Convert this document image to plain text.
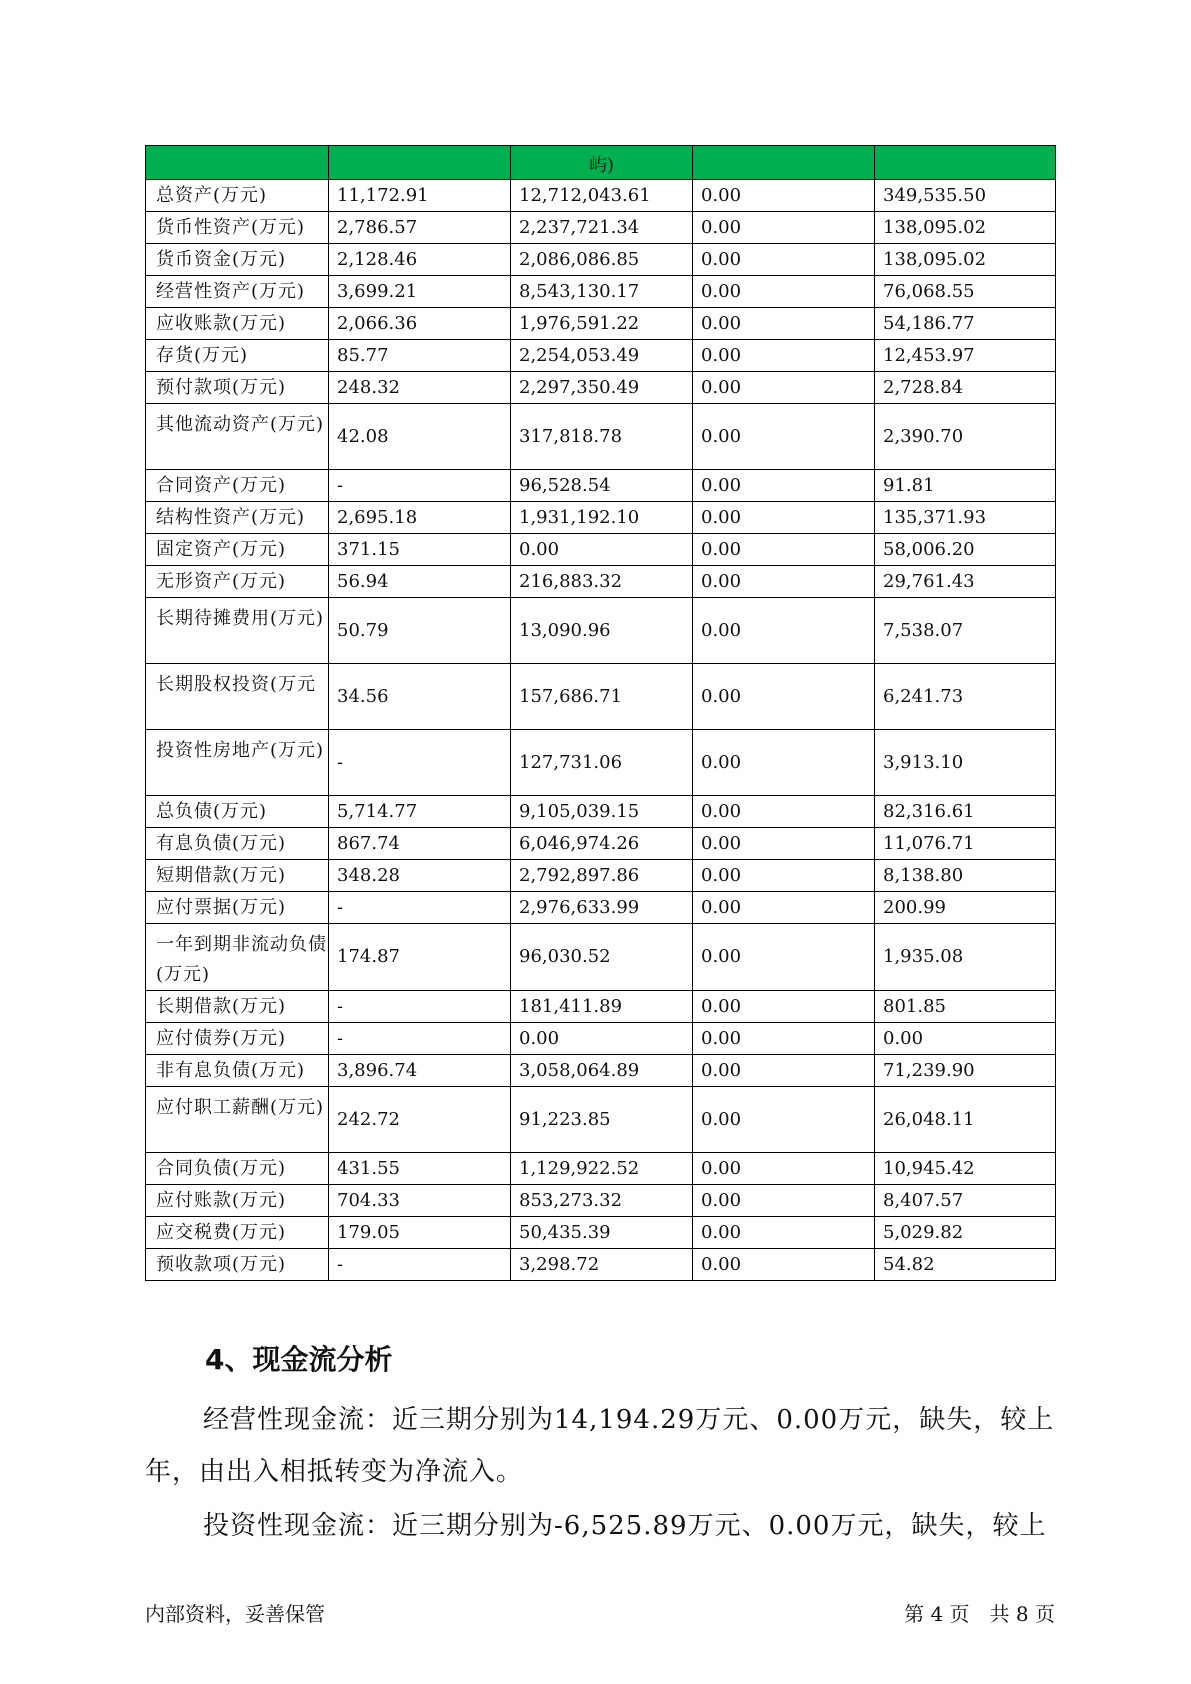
		屿)		
总资产(万元)	11,172.91	12,712,043.61	0.00	349,535.50
货币性资产(万元)	2,786.57	2,237,721.34	0.00	138,095.02
货币资金(万元)	2,128.46	2,086,086.85	0.00	138,095.02
经营性资产(万元)	3,699.21	8,543,130.17	0.00	76,068.55
应收账款(万元)	2,066.36	1,976,591.22	0.00	54,186.77
存货(万元)	85.77	2,254,053.49	0.00	12,453.97
预付款项(万元)	248.32	2,297,350.49	0.00	2,728.84
其他流动资产(万元)	42.08	317,818.78	0.00	2,390.70
合同资产(万元)	-	96,528.54	0.00	91.81
结构性资产(万元)	2,695.18	1,931,192.10	0.00	135,371.93
固定资产(万元)	371.15	0.00	0.00	58,006.20
无形资产(万元)	56.94	216,883.32	0.00	29,761.43
长期待摊费用(万元)	50.79	13,090.96	0.00	7,538.07
长期股权投资(万元	34.56	157,686.71	0.00	6,241.73
投资性房地产(万元)	-	127,731.06	0.00	3,913.10
总负债(万元)	5,714.77	9,105,039.15	0.00	82,316.61
有息负债(万元)	867.74	6,046,974.26	0.00	11,076.71
短期借款(万元)	348.28	2,792,897.86	0.00	8,138.80
应付票据(万元)	-	2,976,633.99	0.00	200.99
一年到期非流动负债(万元)	174.87	96,030.52	0.00	1,935.08
长期借款(万元)	-	181,411.89	0.00	801.85
应付债券(万元)	-	0.00	0.00	0.00
非有息负债(万元)	3,896.74	3,058,064.89	0.00	71,239.90
应付职工薪酬(万元)	242.72	91,223.85	0.00	26,048.11
合同负债(万元)	431.55	1,129,922.52	0.00	10,945.42
应付账款(万元)	704.33	853,273.32	0.00	8,407.57
应交税费(万元)	179.05	50,435.39	0.00	5,029.82
预收款项(万元)	-	3,298.72	0.00	54.82
4、现金流分析

经营性现金流：近三期分别为14,194.29万元、0.00万元，缺失，较上年，由出入相抵转变为净流入。

投资性现金流：近三期分别为-6,525.89万元、0.00万元，缺失，较上

内部资料，妥善保管	第 4 页　共 8 页
